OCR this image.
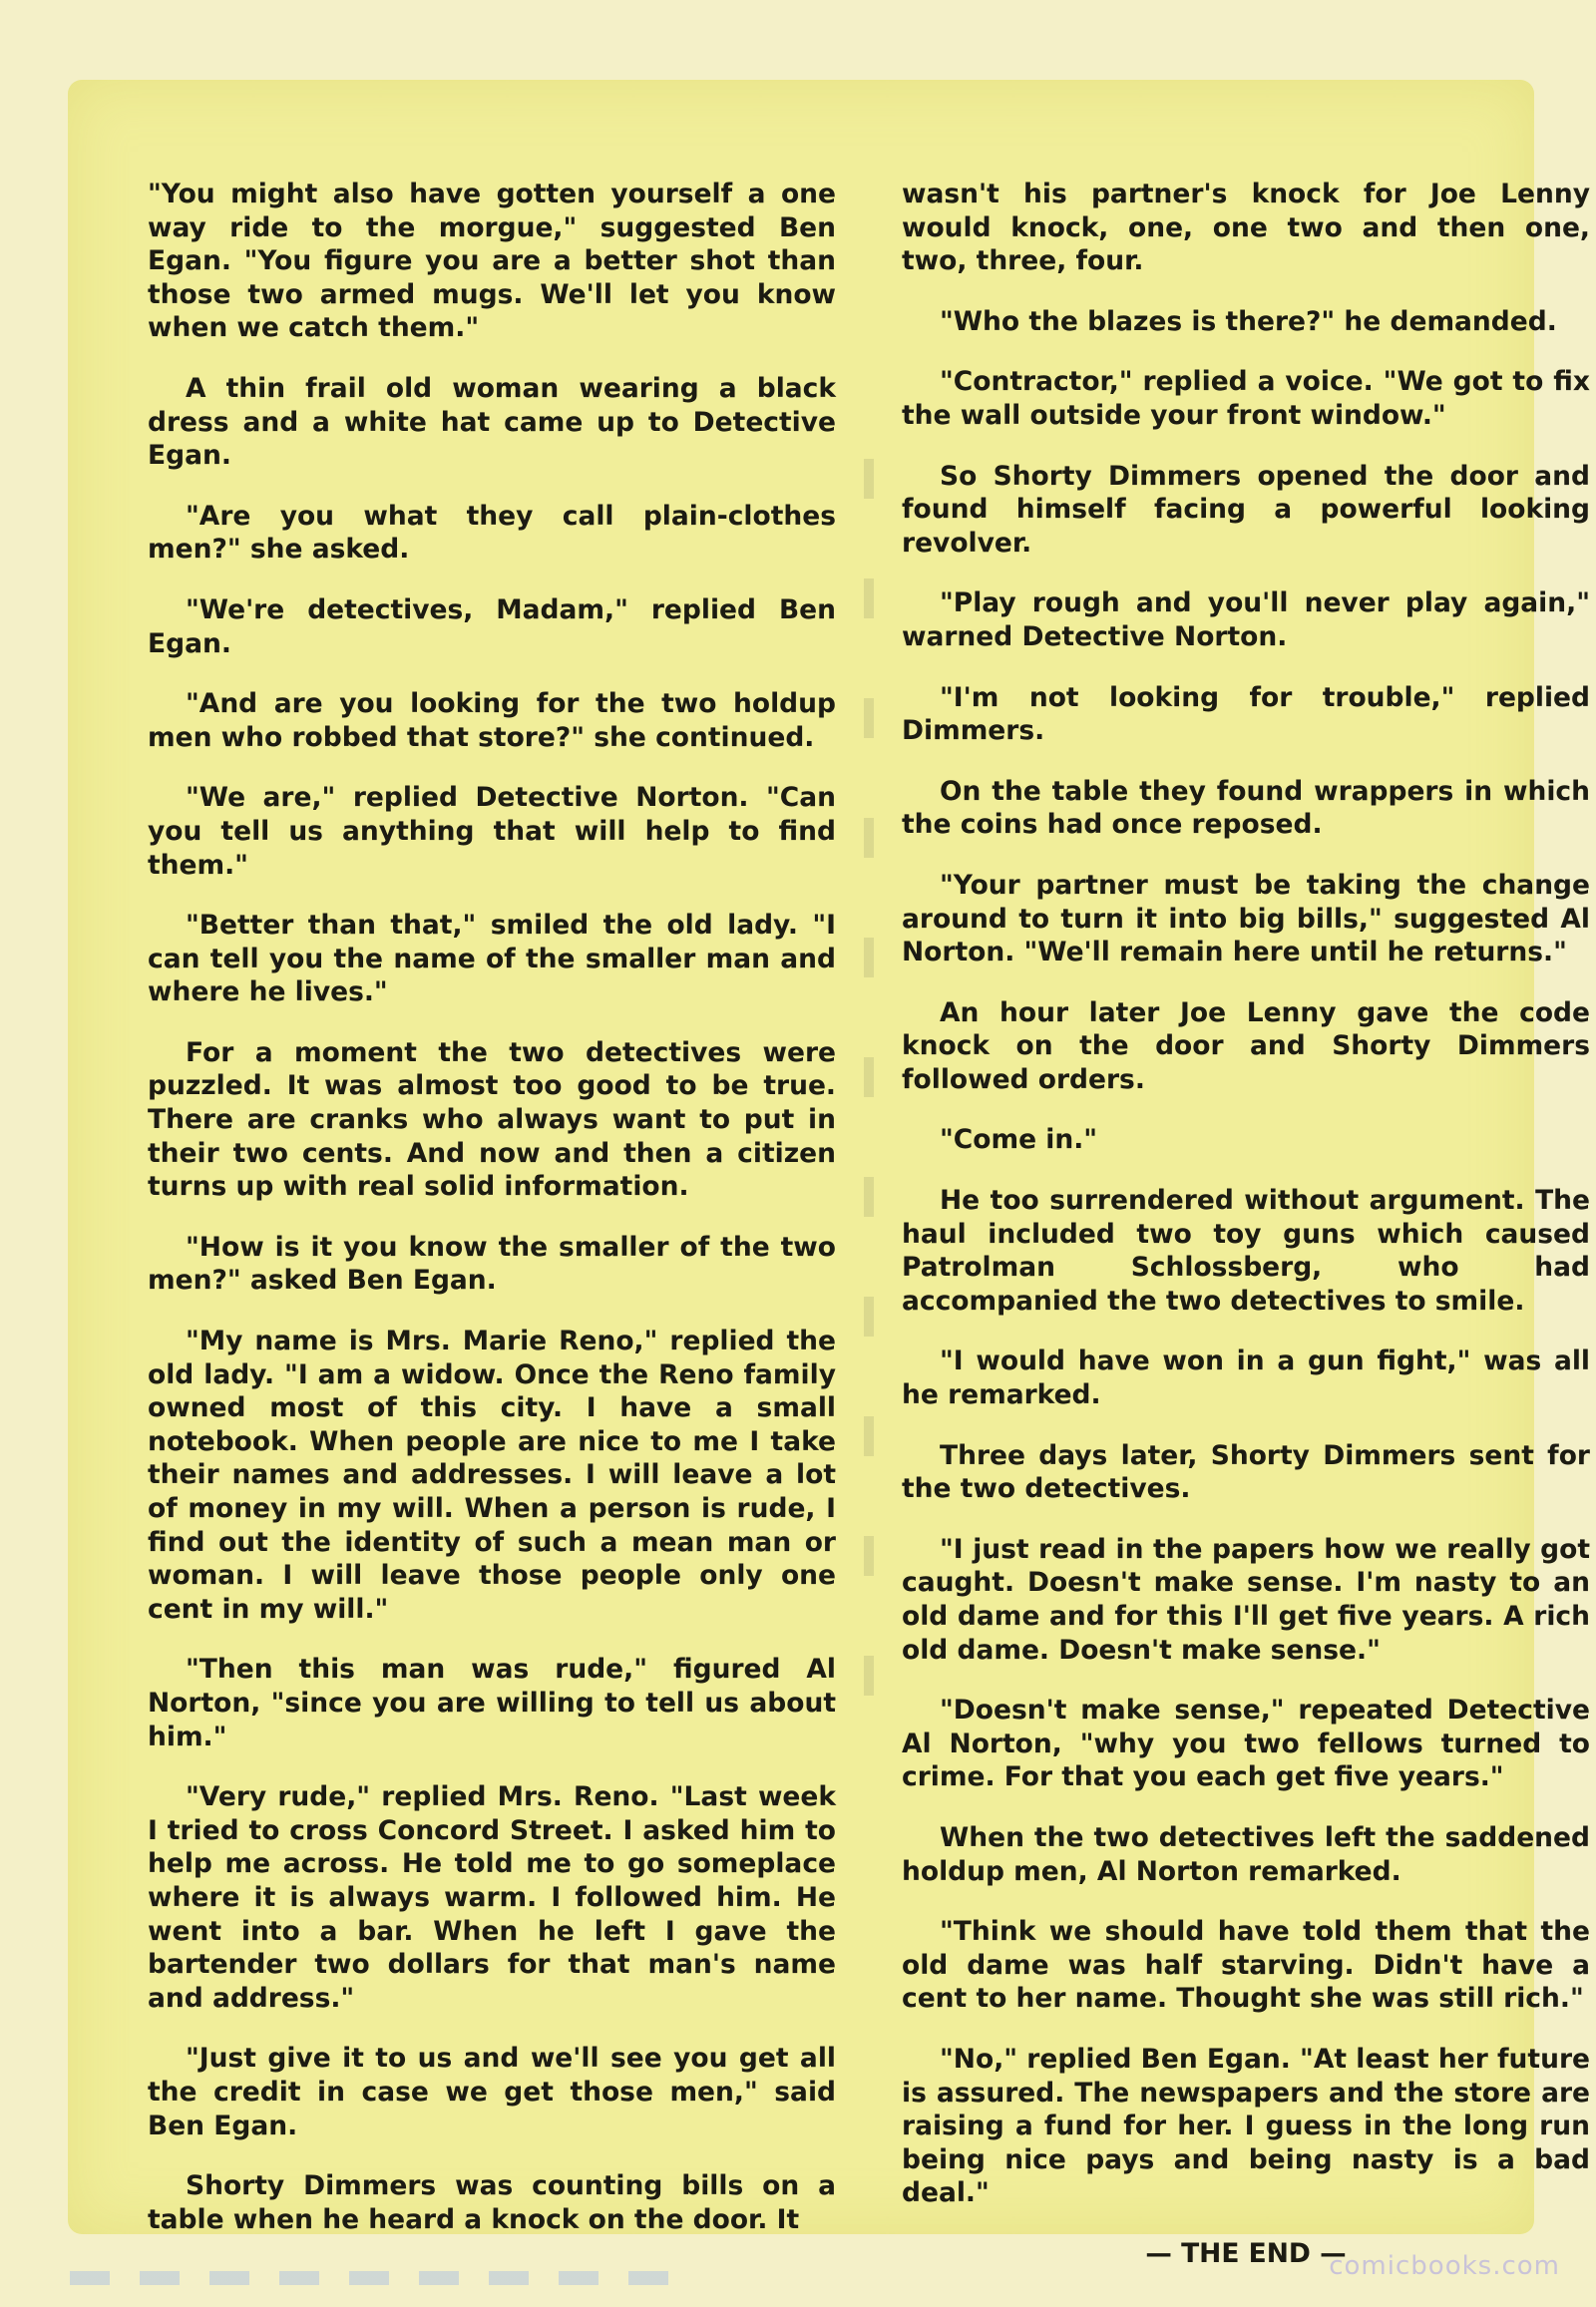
"You might also have gotten yourself a one way ride to the morgue," suggested Ben Egan. "You figure you are a better shot than those two armed mugs. We'll let you know when we catch them."

A thin frail old woman wearing a black dress and a white hat came up to Detective Egan.

"Are you what they call plain-clothes men?" she asked.

"We're detectives, Madam," replied Ben Egan.

"And are you looking for the two holdup men who robbed that store?" she continued.

"We are," replied Detective Norton. "Can you tell us anything that will help to find them."

"Better than that," smiled the old lady. "I can tell you the name of the smaller man and where he lives."

For a moment the two detectives were puzzled. It was almost too good to be true. There are cranks who always want to put in their two cents. And now and then a citizen turns up with real solid information.

"How is it you know the smaller of the two men?" asked Ben Egan.

"My name is Mrs. Marie Reno," replied the old lady. "I am a widow. Once the Reno family owned most of this city. I have a small notebook. When people are nice to me I take their names and addresses. I will leave a lot of money in my will. When a person is rude, I find out the identity of such a mean man or woman. I will leave those people only one cent in my will."

"Then this man was rude," figured Al Norton, "since you are willing to tell us about him."

"Very rude," replied Mrs. Reno. "Last week I tried to cross Concord Street. I asked him to help me across. He told me to go someplace where it is always warm. I followed him. He went into a bar. When he left I gave the bartender two dollars for that man's name and address."

"Just give it to us and we'll see you get all the credit in case we get those men," said Ben Egan.

Shorty Dimmers was counting bills on a table when he heard a knock on the door. It

wasn't his partner's knock for Joe Lenny would knock, one, one two and then one, two, three, four.

"Who the blazes is there?" he demanded.

"Contractor," replied a voice. "We got to fix the wall outside your front window."

So Shorty Dimmers opened the door and found himself facing a powerful looking revolver.

"Play rough and you'll never play again," warned Detective Norton.

"I'm not looking for trouble," replied Dimmers.

On the table they found wrappers in which the coins had once reposed.

"Your partner must be taking the change around to turn it into big bills," suggested Al Norton. "We'll remain here until he returns."

An hour later Joe Lenny gave the code knock on the door and Shorty Dimmers followed orders.

"Come in."

He too surrendered without argument. The haul included two toy guns which caused Patrolman Schlossberg, who had accompanied the two detectives to smile.

"I would have won in a gun fight," was all he remarked.

Three days later, Shorty Dimmers sent for the two detectives.

"I just read in the papers how we really got caught. Doesn't make sense. I'm nasty to an old dame and for this I'll get five years. A rich old dame. Doesn't make sense."

"Doesn't make sense," repeated Detective Al Norton, "why you two fellows turned to crime. For that you each get five years."

When the two detectives left the saddened holdup men, Al Norton remarked.

"Think we should have told them that the old dame was half starving. Didn't have a cent to her name. Thought she was still rich."

"No," replied Ben Egan. "At least her future is assured. The newspapers and the store are raising a fund for her. I guess in the long run being nice pays and being nasty is a bad deal."

— THE END —

comicbooks.com
